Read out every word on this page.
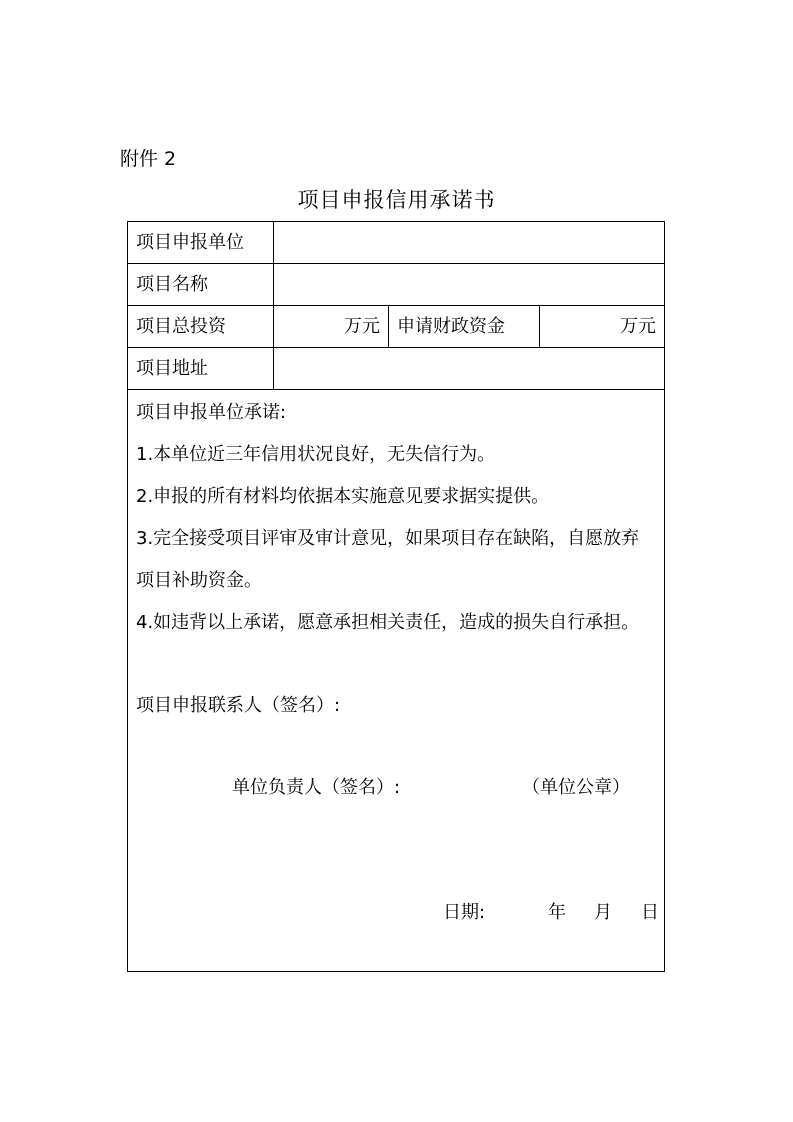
附件 2
项目申报信用承诺书
项目申报单位
项目名称
项目总投资	万元 申请财政资金	万元
项目地址
项目申报单位承诺:
1.本单位近三年信用状况良好，无失信行为。
2.申报的所有材料均依据本实施意见要求据实提供。
3.完全接受项目评审及审计意见，如果项目存在缺陷，自愿放弃
项目补助资金。
4.如违背以上承诺，愿意承担相关责任，造成的损失自行承担。
项目申报联系人（签名）:
单位负责人（签名）:	（单位公章）
日期:	年 月 日
